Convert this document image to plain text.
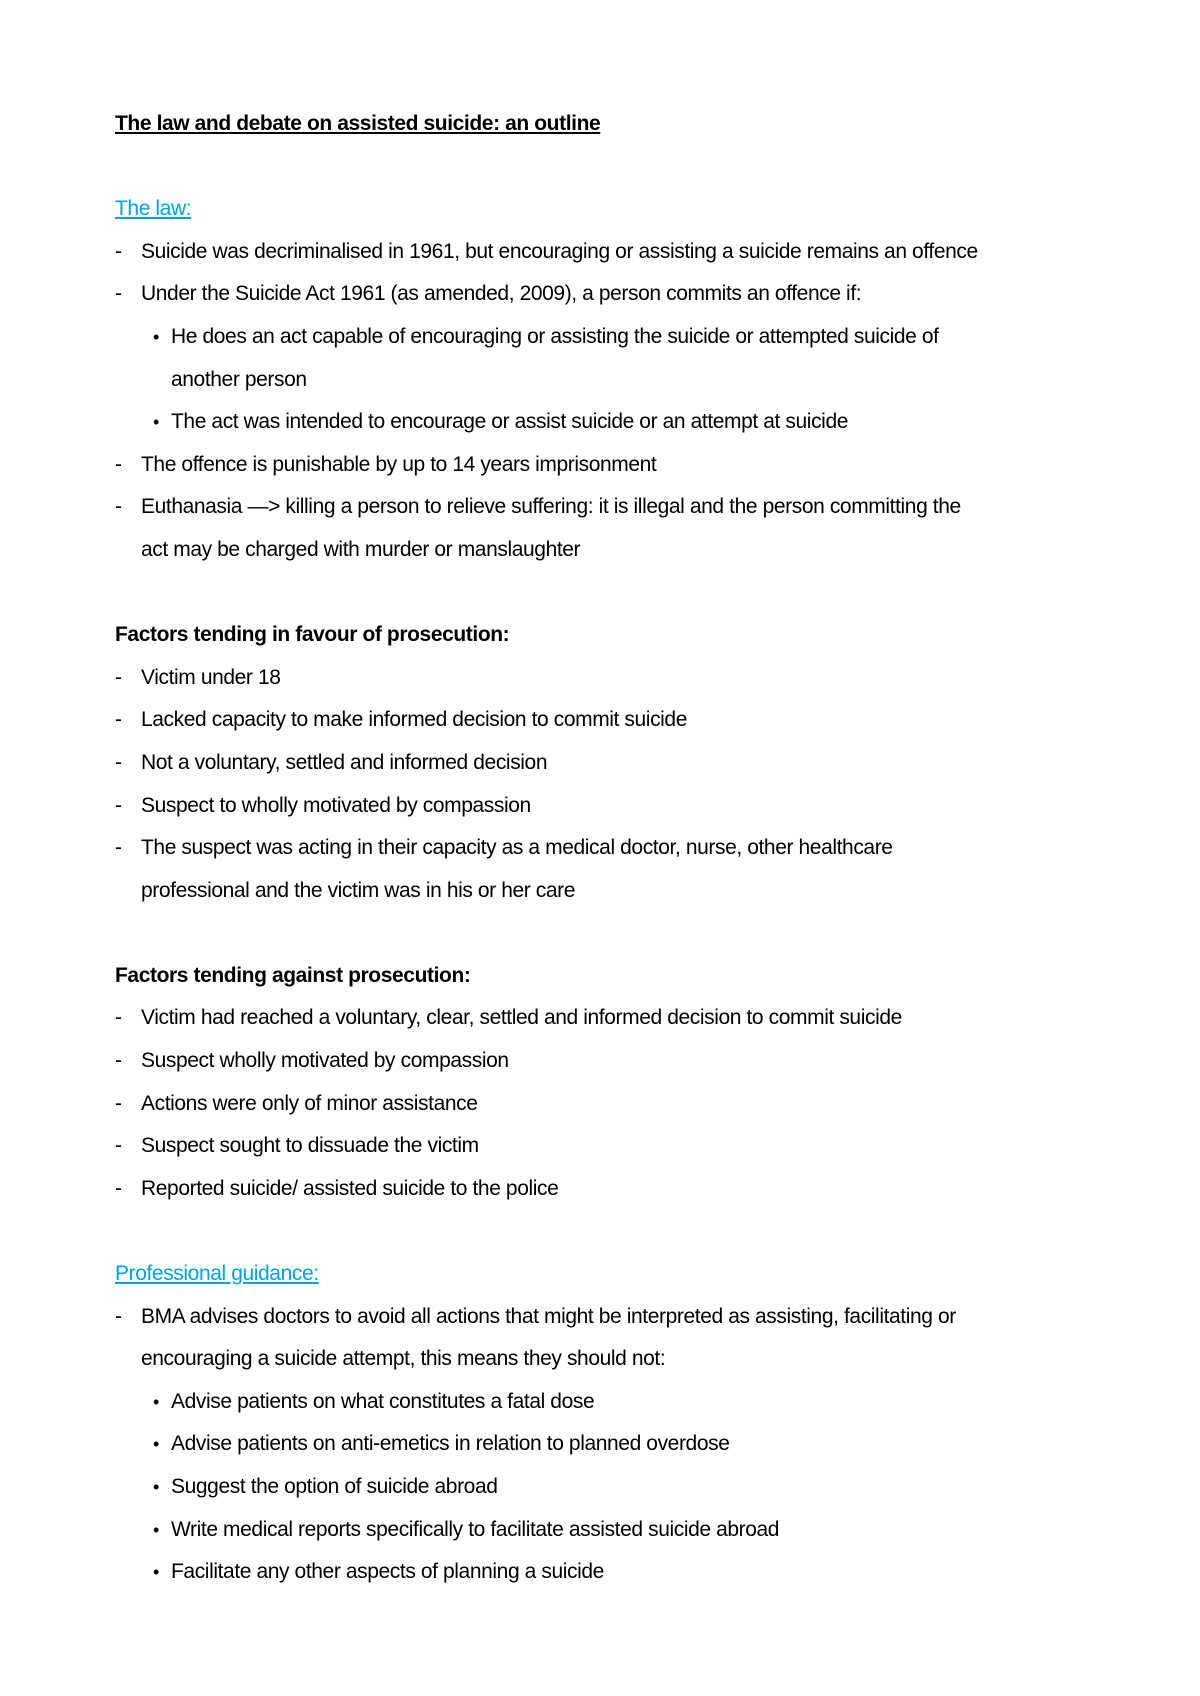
The law and debate on assisted suicide: an outline
The law:
- Suicide was decriminalised in 1961, but encouraging or assisting a suicide remains an offence
- Under the Suicide Act 1961 (as amended, 2009), a person commits an offence if:
• He does an act capable of encouraging or assisting the suicide or attempted suicide of
another person
• The act was intended to encourage or assist suicide or an attempt at suicide
- The offence is punishable by up to 14 years imprisonment
- Euthanasia —> killing a person to relieve suffering: it is illegal and the person committing the
act may be charged with murder or manslaughter
Factors tending in favour of prosecution:
- Victim under 18
- Lacked capacity to make informed decision to commit suicide
- Not a voluntary, settled and informed decision
- Suspect to wholly motivated by compassion
- The suspect was acting in their capacity as a medical doctor, nurse, other healthcare
professional and the victim was in his or her care
Factors tending against prosecution:
- Victim had reached a voluntary, clear, settled and informed decision to commit suicide
- Suspect wholly motivated by compassion
- Actions were only of minor assistance
- Suspect sought to dissuade the victim
- Reported suicide/ assisted suicide to the police
Professional guidance:
- BMA advises doctors to avoid all actions that might be interpreted as assisting, facilitating or
encouraging a suicide attempt, this means they should not:
• Advise patients on what constitutes a fatal dose
• Advise patients on anti-emetics in relation to planned overdose
• Suggest the option of suicide abroad
• Write medical reports specifically to facilitate assisted suicide abroad
• Facilitate any other aspects of planning a suicide
